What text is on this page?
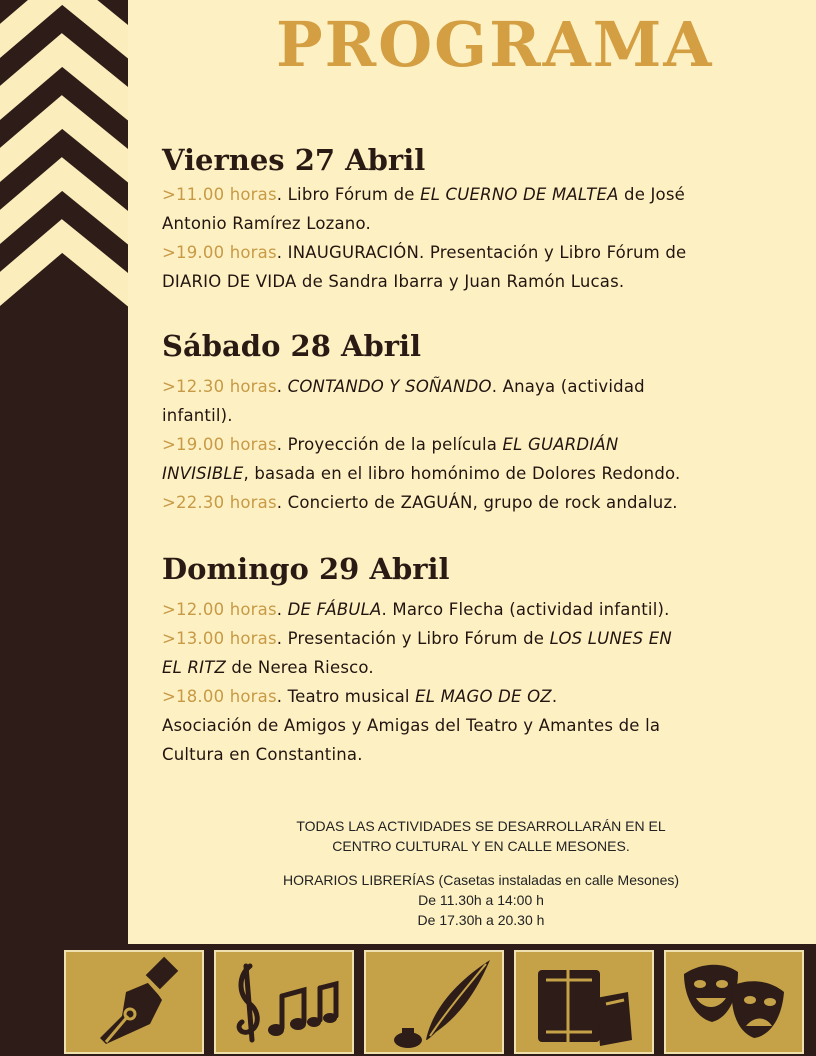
PROGRAMA
Viernes 27 Abril
>11.00 horas. Libro Fórum de EL CUERNO DE MALTEA de José
Antonio Ramírez Lozano.
>19.00 horas. INAUGURACIÓN. Presentación y Libro Fórum de
DIARIO DE VIDA de Sandra Ibarra y Juan Ramón Lucas.
Sábado 28 Abril
>12.30 horas. CONTANDO Y SOÑANDO. Anaya (actividad
infantil).
>19.00 horas. Proyección de la película EL GUARDIÁN
INVISIBLE, basada en el libro homónimo de Dolores Redondo.
>22.30 horas. Concierto de ZAGUÁN, grupo de rock andaluz.
Domingo 29 Abril
>12.00 horas. DE FÁBULA. Marco Flecha (actividad infantil).
>13.00 horas. Presentación y Libro Fórum de LOS LUNES EN
EL RITZ de Nerea Riesco.
>18.00 horas. Teatro musical EL MAGO DE OZ.
Asociación de Amigos y Amigas del Teatro y Amantes de la
Cultura en Constantina.
TODAS LAS ACTIVIDADES SE DESARROLLARÁN EN EL
CENTRO CULTURAL Y EN CALLE MESONES.
HORARIOS LIBRERÍAS (Casetas instaladas en calle Mesones)
De 11.30h a 14:00 h
De 17.30h a 20.30 h
